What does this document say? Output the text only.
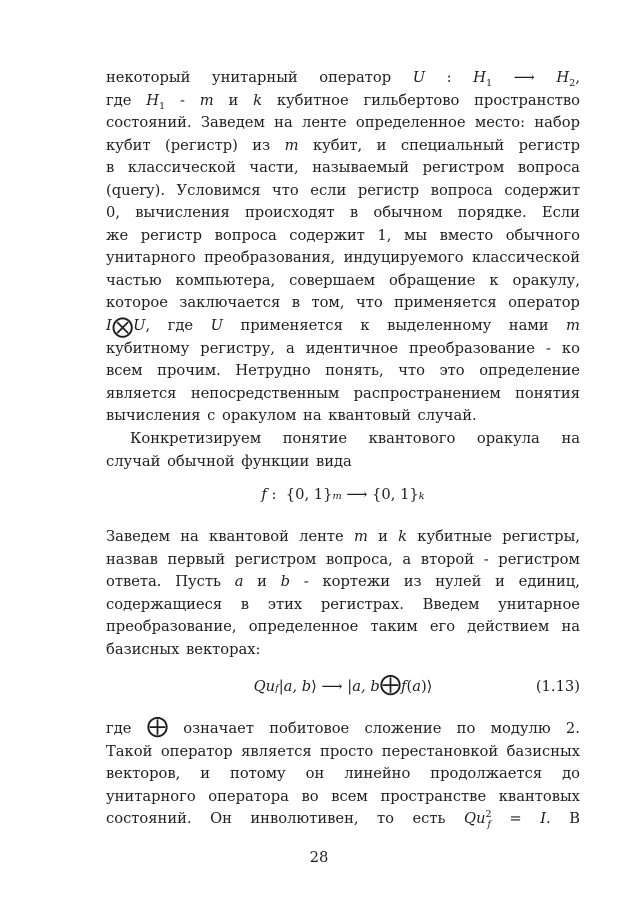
некоторый унитарный оператор U : $H_1$ ⟶ $H_2$,
где $H_1$ - m и k кубитное гильбертово пространство
состояний. Заведем на ленте определенное место: набор
кубит (регистр) из m кубит, и специальный регистр
в классической части, называемый регистром вопроса
(query). Условимся что если регистр вопроса содержит
0, вычисления происходят в обычном порядке. Если
же регистр вопроса содержит 1, мы вместо обычного
унитарного преобразования, индуцируемого классической
частью компьютера, совершаем обращение к оракулу,
которое заключается в том, что применяется оператор
I⨂U, где U применяется к выделенному нами m
кубитному регистру, а идентичное преобразование - ко
всем прочим. Нетрудно понять, что это определение
является непосредственным распространением понятия
вычисления с оракулом на квантовый случай.
Конкретизируем понятие квантового оракула на
случай обычной функции вида
f :  {0, 1} m ⟶ {0, 1} k
Заведем на квантовой ленте m и k кубитные регистры,
назвав первый регистром вопроса, а второй - регистром
ответа. Пусть a и b - кортежи из нулей и единиц,
содержащиеся в этих регистрах. Введем унитарное
преобразование, определенное таким его действием на
базисных векторах:
Qu f | a, b ⟩ ⟶ | a, b ⨁ f ( a )⟩	(1.13)
где ⨁ означает побитовое сложение по модулю 2.
Такой оператор является просто перестановкой базисных
векторов, и потому он линейно продолжается до
унитарного оператора во всем пространстве квантовых
состояний. Он инволютивен, то есть $Qu^2_f = I$. В
28
